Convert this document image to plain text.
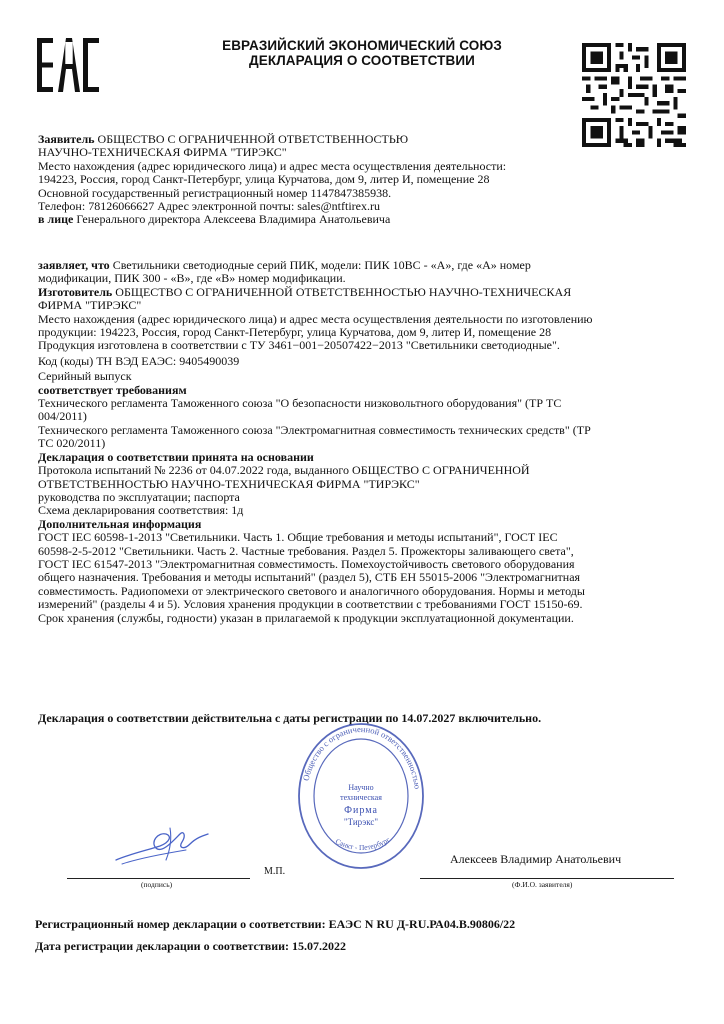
ЕВРАЗИЙСКИЙ ЭКОНОМИЧЕСКИЙ СОЮЗ
ДЕКЛАРАЦИЯ О СООТВЕТСТВИИ
Заявитель ОБЩЕСТВО С ОГРАНИЧЕННОЙ ОТВЕТСТВЕННОСТЬЮ
НАУЧНО-ТЕХНИЧЕСКАЯ ФИРМА "ТИРЭКС"
Место нахождения (адрес юридического лица) и адрес места осуществления деятельности:
194223, Россия, город Санкт-Петербург, улица Курчатова, дом 9, литер И, помещение 28
Основной государственный регистрационный номер 1147847385938.
Телефон: 78126066627 Адрес электронной почты: sales@ntftirex.ru
в лице Генерального директора Алексеева Владимира Анатольевича
заявляет, что Светильники светодиодные серий ПИК, модели: ПИК 10ВС - «А», где «А» номер
модификации, ПИК 300 - «В», где «В» номер модификации.
Изготовитель ОБЩЕСТВО С ОГРАНИЧЕННОЙ ОТВЕТСТВЕННОСТЬЮ НАУЧНО-ТЕХНИЧЕСКАЯ
ФИРМА "ТИРЭКС"
Место нахождения (адрес юридического лица) и адрес места осуществления деятельности по изготовлению
продукции: 194223, Россия, город Санкт-Петербург, улица Курчатова, дом 9, литер И, помещение 28
Продукция изготовлена в соответствии с ТУ 3461−001−20507422−2013 "Светильники светодиодные".
Код (коды) ТН ВЭД ЕАЭС: 9405490039
Серийный выпуск
соответствует требованиям
Технического регламента Таможенного союза "О безопасности низковольтного оборудования" (ТР ТС
004/2011)
Технического регламента Таможенного союза "Электромагнитная совместимость технических средств" (ТР
ТС 020/2011)
Декларация о соответствии принята на основании
Протокола испытаний № 2236 от 04.07.2022 года, выданного ОБЩЕСТВО С ОГРАНИЧЕННОЙ
ОТВЕТСТВЕННОСТЬЮ НАУЧНО-ТЕХНИЧЕСКАЯ ФИРМА "ТИРЭКС"
руководства по эксплуатации; паспорта
Схема декларирования соответствия: 1д
Дополнительная информация
ГОСТ IEC 60598-1-2013 "Светильники. Часть 1. Общие требования и методы испытаний", ГОСТ IEC
60598-2-5-2012 "Светильники. Часть 2. Частные требования. Раздел 5. Прожекторы заливающего света",
ГОСТ IEC 61547-2013 "Электромагнитная совместимость. Помехоустойчивость светового оборудования
общего назначения. Требования и методы испытаний" (раздел 5), СТБ ЕН 55015-2006 "Электромагнитная
совместимость. Радиопомехи от электрического светового и аналогичного оборудования. Нормы и методы
измерений" (разделы 4 и 5). Условия хранения продукции в соответствии с требованиями ГОСТ 15150-69.
Срок хранения (службы, годности) указан в прилагаемой к продукции эксплуатационной документации.
Декларация о соответствии действительна с даты регистрации по 14.07.2027 включительно.
Общество с ограниченной ответственностью
Санкт - Петербург
Научно
техническая
Фирма
"Тирэкс"
(подпись)
М.П.
Алексеев Владимир Анатольевич
(Ф.И.О. заявителя)
Регистрационный номер декларации о соответствии: ЕАЭС N RU Д-RU.РА04.В.90806/22
Дата регистрации декларации о соответствии: 15.07.2022
